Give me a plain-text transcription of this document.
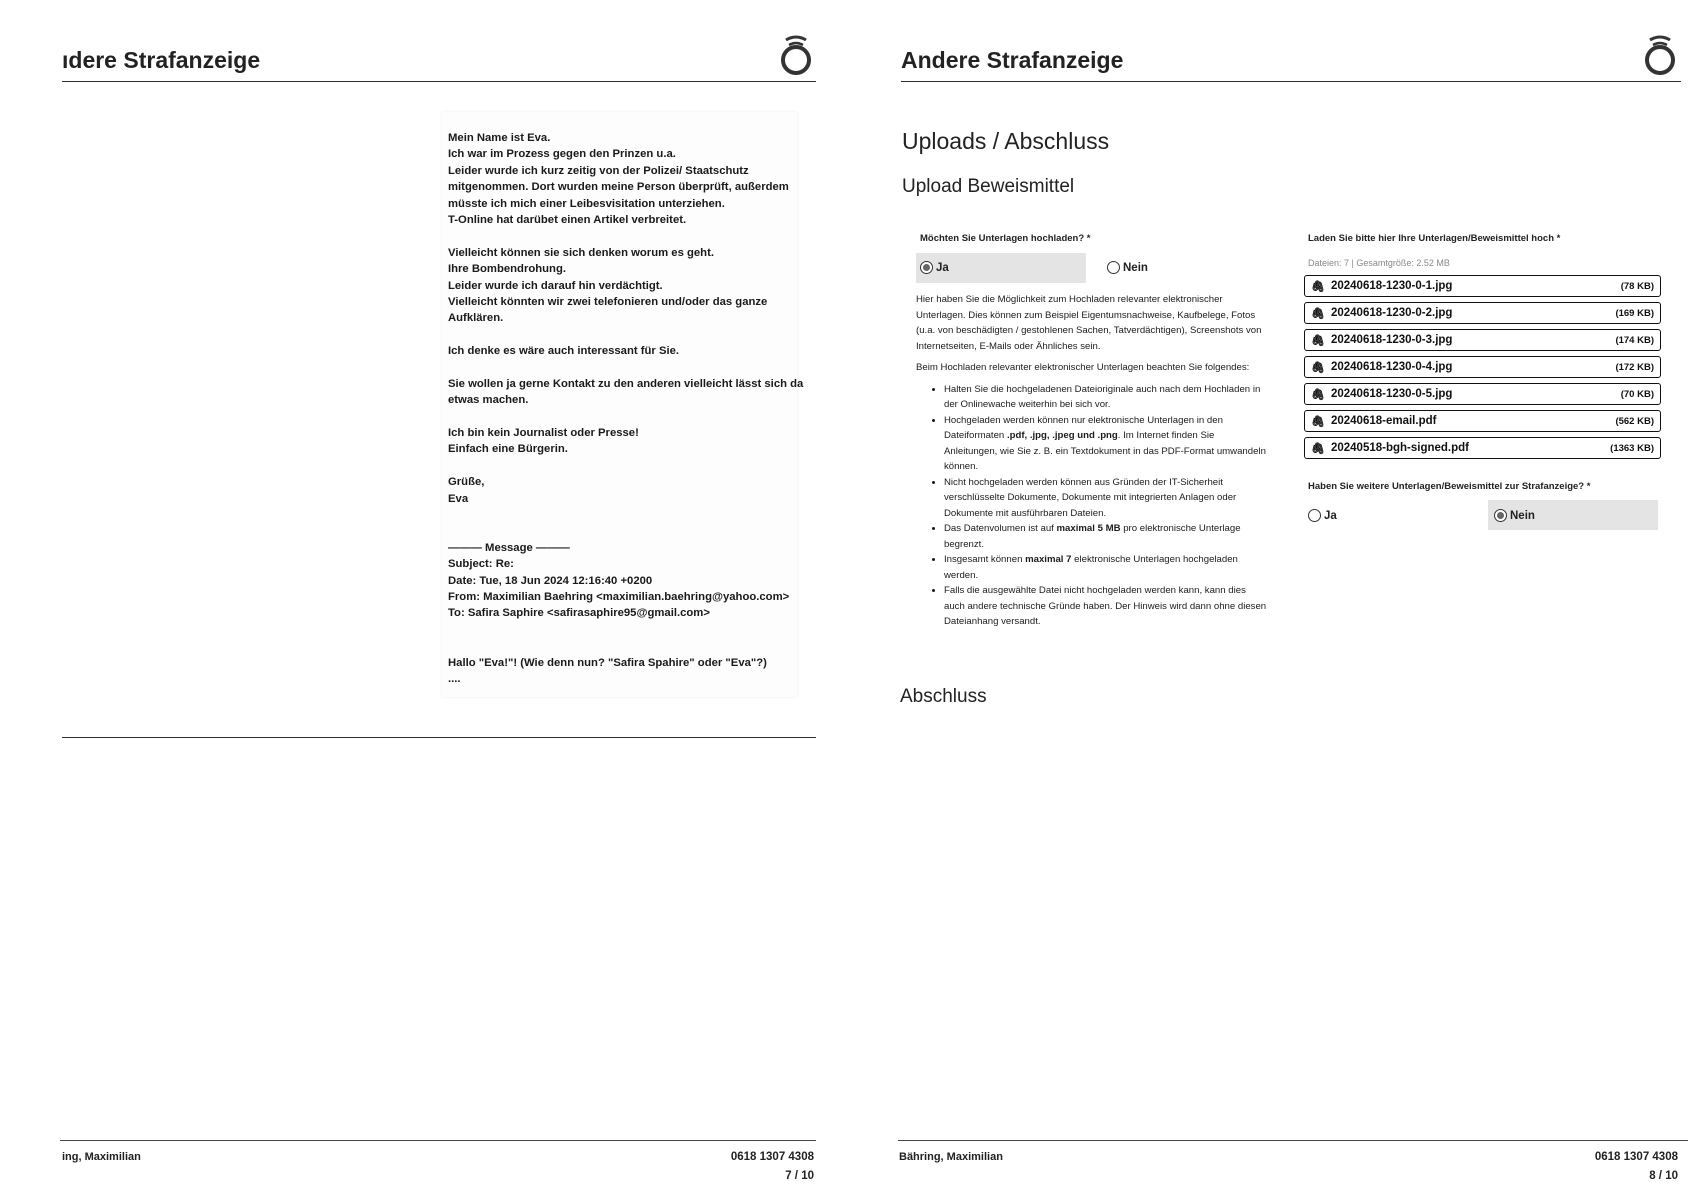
ıdere Strafanzeige
Mein Name ist Eva.
Ich war im Prozess gegen den Prinzen u.a.
Leider wurde ich kurz zeitig von der Polizei/ Staatschutz
mitgenommen. Dort wurden meine Person überprüft, außerdem
müsste ich mich einer Leibesvisitation unterziehen.
T-Online hat darübet einen Artikel verbreitet.
Vielleicht können sie sich denken worum es geht.
Ihre Bombendrohung.
Leider wurde ich darauf hin verdächtigt.
Vielleicht könnten wir zwei telefonieren und/oder das ganze
Aufklären.
Ich denke es wäre auch interessant für Sie.
Sie wollen ja gerne Kontakt zu den anderen vielleicht lässt sich da
etwas machen.
Ich bin kein Journalist oder Presse!
Einfach eine Bürgerin.
Grüße,
Eva
——— Message ———
Subject: Re:
Date: Tue, 18 Jun 2024 12:16:40 +0200
From: Maximilian Baehring <maximilian.baehring@yahoo.com>
To: Safira Saphire <safirasaphire95@gmail.com>
Hallo "Eva!"! (Wie denn nun? "Safira Spahire" oder "Eva"?)
....
ing, Maximilian	0618 1307 4308
7 / 10
Andere Strafanzeige
Uploads / Abschluss
Upload Beweismittel
Möchten Sie Unterlagen hochladen? *
Ja	Nein

Hier haben Sie die Möglichkeit zum Hochladen relevanter elektronischer Unterlagen. Dies können zum Beispiel Eigentumsnachweise, Kaufbelege, Fotos (u.a. von beschädigten / gestohlenen Sachen, Tatverdächtigen), Screenshots von Internetseiten, E-Mails oder Ähnliches sein.

Beim Hochladen relevanter elektronischer Unterlagen beachten Sie folgendes:

• Halten Sie die hochgeladenen Dateioriginale auch nach dem Hochladen in der Onlinewache weiterhin bei sich vor.
• Hochgeladen werden können nur elektronische Unterlagen in den Dateiformaten .pdf, .jpg, .jpeg und .png. Im Internet finden Sie Anleitungen, wie Sie z. B. ein Textdokument in das PDF-Format umwandeln können.
• Nicht hochgeladen werden können aus Gründen der IT-Sicherheit verschlüsselte Dokumente, Dokumente mit integrierten Anlagen oder Dokumente mit ausführbaren Dateien.
• Das Datenvolumen ist auf maximal 5 MB pro elektronische Unterlage begrenzt.
• Insgesamt können maximal 7 elektronische Unterlagen hochgeladen werden.
• Falls die ausgewählte Datei nicht hochgeladen werden kann, kann dies auch andere technische Gründe haben. Der Hinweis wird dann ohne diesen Dateianhang versandt.
Laden Sie bitte hier Ihre Unterlagen/Beweismittel hoch *
Dateien: 7 | Gesamtgröße: 2.52 MB
🖇 20240618-1230-0-1.jpg	(78 KB)
🖇 20240618-1230-0-2.jpg	(169 KB)
🖇 20240618-1230-0-3.jpg	(174 KB)
🖇 20240618-1230-0-4.jpg	(172 KB)
🖇 20240618-1230-0-5.jpg	(70 KB)
🖇 20240618-email.pdf	(562 KB)
🖇 20240518-bgh-signed.pdf	(1363 KB)
Haben Sie weitere Unterlagen/Beweismittel zur Strafanzeige? *
Ja	Nein
Abschluss
Bähring, Maximilian	0618 1307 4308
8 / 10
